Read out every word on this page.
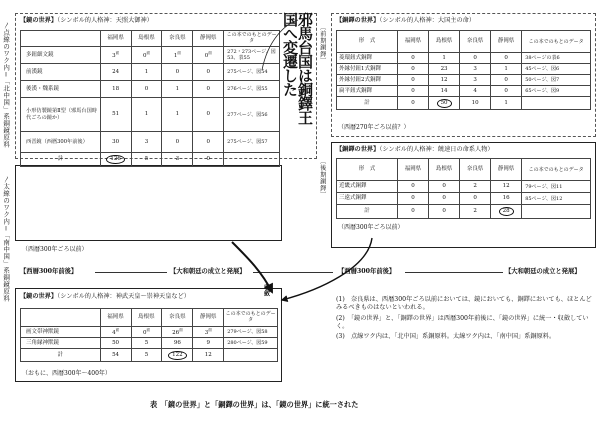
〳点線のワク内＝「北中国」系銅鏡原料
〳太線のワク内＝「南中国」系銅鏡原料
〔前期銅鐸〕
〔後期銅鐸〕
【鏡の世界】（シンボル的人格神：天照大御神）
	福岡県	島根県	奈良県	静岡県	この本でのもとのデータ
多鈕細文鏡	$3^面$	$0^面$	$1^面$	$0^面$	272・273ページ、図53、表55
前漢鏡	24	1	0	0	275ページ、図54
後漢・魏系鏡	18	0	1	0	276ページ、図55
小形仿製鏡第Ⅱ型（邪馬台国時代ごろの鏡か）	51	1	1	0	277ページ、図56
西晋鏡（西暦300年前後）	30	3	0	0	275ページ、図57
計	126	5	3	0	
（西暦300年ごろ以前）
邪馬台国は銅鐸王国へ変遷した	【銅鐸の世界】（シンボル的人格神：大国主の命）
形　式	福岡県	島根県	奈良県	静岡県	この本でのもとのデータ
菱環鈕式銅鐸	0	1	0	0	38ページの表6
外縁付鈕1式銅鐸	0	23	3	1	45ページ、図6
外縁付鈕2式銅鐸	0	12	3	0	50ページ、図7
扁平鈕式銅鐸	0	14	4	0	65ページ、図9
計	0	50	10	1	
（西暦270年ごろ以前？）
【銅鐸の世界】（シンボル的人格神：饒速日の命系人物）
形　式	福岡県	島根県	奈良県	静岡県	この本でのもとのデータ
近畿式銅鐸	0	0	2	12	79ページ、図11
三遠式銅鐸	0	0	0	16	85ページ、図12
計	0	0	2	28	
（西暦300年ごろ以前）
【西暦300年前後】	【大和朝廷の成立と発展】	【西暦300年前後】	【大和朝廷の成立と発展】
【鏡の世界】（シンボル的人格神：神武天皇～崇神天皇など）
収斂
	福岡県	島根県	奈良県	静岡県	この本でのもとのデータ
画文帯神獣鏡	$4^面$	$0^面$	$26^面$	$3^面$	279ページ、図58
三角縁神獣鏡	50	5	96	9	280ページ、図59
計	54	5	122	12	
（おもに、西暦300年～400年）
(1)　奈良県は、西暦300年ごろ以前においては、鏡においても、銅鐸においても、ほとんどみるべきものはないといわれる。
(2)　「鏡の世界」と、「銅鐸の世界」は西暦300年前後に、「鏡の世界」に統一・収斂していく。
(3)　点線ワク内は、「北中国」系銅原料。太線ワク内は、「南中国」系銅原料。
表　「鏡の世界」と「銅鐸の世界」は、「鏡の世界」に統一された
